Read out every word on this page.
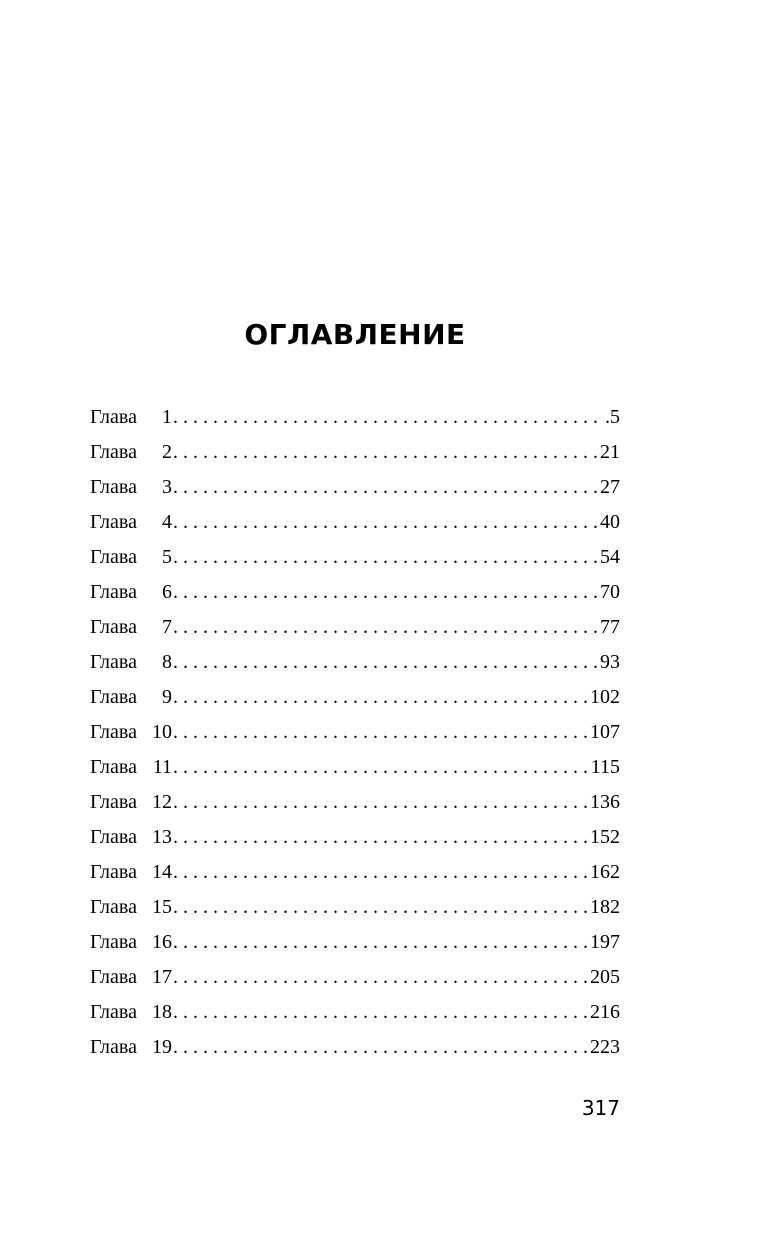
ОГЛАВЛЕНИЕ
Глава	1 . . .	.5
Глава	2 . . .	21
Глава	3 . . .	27
Глава	4 . . .	40
Глава	5 . . .	54
Глава	6 . . .	70
Глава	7 . . .	77
Глава	8 . . .	93
Глава	9 . . .	102
Глава 10 . . .	107
Глава 11 . . .	115
Глава 12 . . .	136
Глава 13 . . .	152
Глава 14 . . .	162
Глава 15 . . .	182
Глава 16 . . .	197
Глава 17 . . .	205
Глава 18 . . .	216
Глава 19 . . .	223
317
